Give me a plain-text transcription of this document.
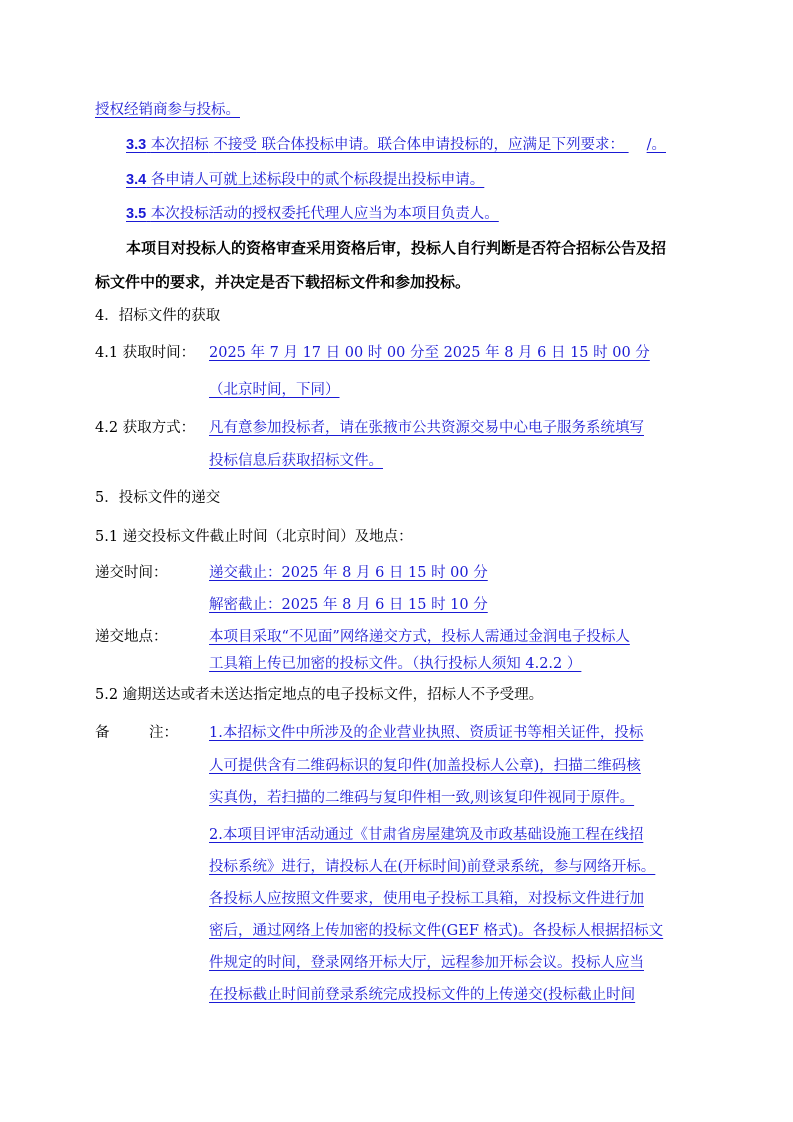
授权经销商参与投标。
3.3 本次招标 不接受 联合体投标申请。联合体申请投标的，应满足下列要求： /。
3.4 各申请人可就上述标段中的贰个标段提出投标申请。
3.5 本次投标活动的授权委托代理人应当为本项目负责人。
本项目对投标人的资格审查采用资格后审，投标人自行判断是否符合招标公告及招
标文件中的要求，并决定是否下载招标文件和参加投标。
4．招标文件的获取
4.1 获取时间： 2025 年 7 月 17 日 00 时 00 分至 2025 年 8 月 6 日 15 时 00 分
（北京时间，下同）
4.2 获取方式： 凡有意参加投标者，请在张掖市公共资源交易中心电子服务系统填写
投标信息后获取招标文件。
5．投标文件的递交
5.1 递交投标文件截止时间（北京时间）及地点：
递交时间：	递交截止：2025 年 8 月 6 日 15 时 00 分
解密截止：2025 年 8 月 6 日 15 时 10 分
递交地点：	本项目采取“不见面”网络递交方式，投标人需通过金润电子投标人
工具箱上传已加密的投标文件。（执行投标人须知 4.2.2 ）
5.2 逾期送达或者未送达指定地点的电子投标文件，招标人不予受理。
备	注： 1.本招标文件中所涉及的企业营业执照、资质证书等相关证件，投标
人可提供含有二维码标识的复印件(加盖投标人公章)，扫描二维码核
实真伪，若扫描的二维码与复印件相一致,则该复印件视同于原件。
2.本项目评审活动通过《甘肃省房屋建筑及市政基础设施工程在线招
投标系统》进行，请投标人在(开标时间)前登录系统，参与网络开标。
各投标人应按照文件要求，使用电子投标工具箱，对投标文件进行加
密后，通过网络上传加密的投标文件(GEF 格式)。各投标人根据招标文
件规定的时间，登录网络开标大厅，远程参加开标会议。投标人应当
在投标截止时间前登录系统完成投标文件的上传递交(投标截止时间
